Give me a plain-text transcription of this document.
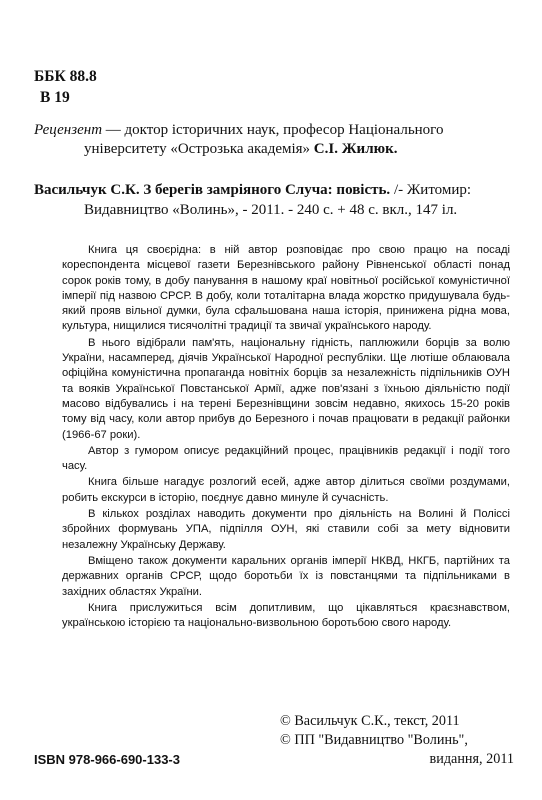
ББК 88.8
В 19
Рецензент — доктор історичних наук, професор Національного
університету «Острозька академія» С.І. Жилюк.
Васильчук С.К. З берегів замріяного Случа: повість. /- Житомир:
Видавництво «Волинь», - 2011. - 240 с. + 48 с. вкл., 147 іл.

Книга ця своєрідна: в ній автор розповідає про свою працю на посаді кореспондента місцевої газети Березнівського району Рівненської області понад сорок років тому, в добу панування в нашому краї новітньої російської комуністичної імперії під назвою СРСР. В добу, коли тоталітарна влада жорстко придушувала будь-який прояв вільної думки, була сфальшована наша історія, принижена рідна мова, культура, нищилися тисячолітні традиції та звичаї українського народу.

В нього відібрали пам'ять, національну гідність, паплюжили борців за волю України, насамперед, діячів Української Народної республіки. Ще лютіше облаювала офіційна комуністична пропаганда новітніх борців за незалежність підпільників ОУН та вояків Української Повстанської Армії, адже пов'язані з їхньою діяльністю події масово відбувались і на терені Березнівщини зовсім недавно, якихось 15-20 років тому від часу, коли автор прибув до Березного і почав працювати в редакції районки (1966-67 роки).

Автор з гумором описує редакційний процес, працівників редакції і події того часу.

Книга більше нагадує розлогий есей, адже автор ділиться своїми роздумами, робить екскурси в історію, поєднує давно минуле й сучасність.

В кількох розділах наводить документи про діяльність на Волині й Поліссі збройних формувань УПА, підпілля ОУН, які ставили собі за мету відновити незалежну Українську Державу.

Вміщено також документи каральних органів імперії НКВД, НКГБ, партійних та державних органів СРСР, щодо боротьби їх із повстанцями та підпільниками в західних областях України.

Книга прислужиться всім допитливим, що цікавляться краєзнавством, українською історією та національно-визвольною боротьбою свого народу.

© Васильчук С.К., текст, 2011
© ПП "Видавництво "Волинь",
видання, 2011
ISBN 978-966-690-133-3
